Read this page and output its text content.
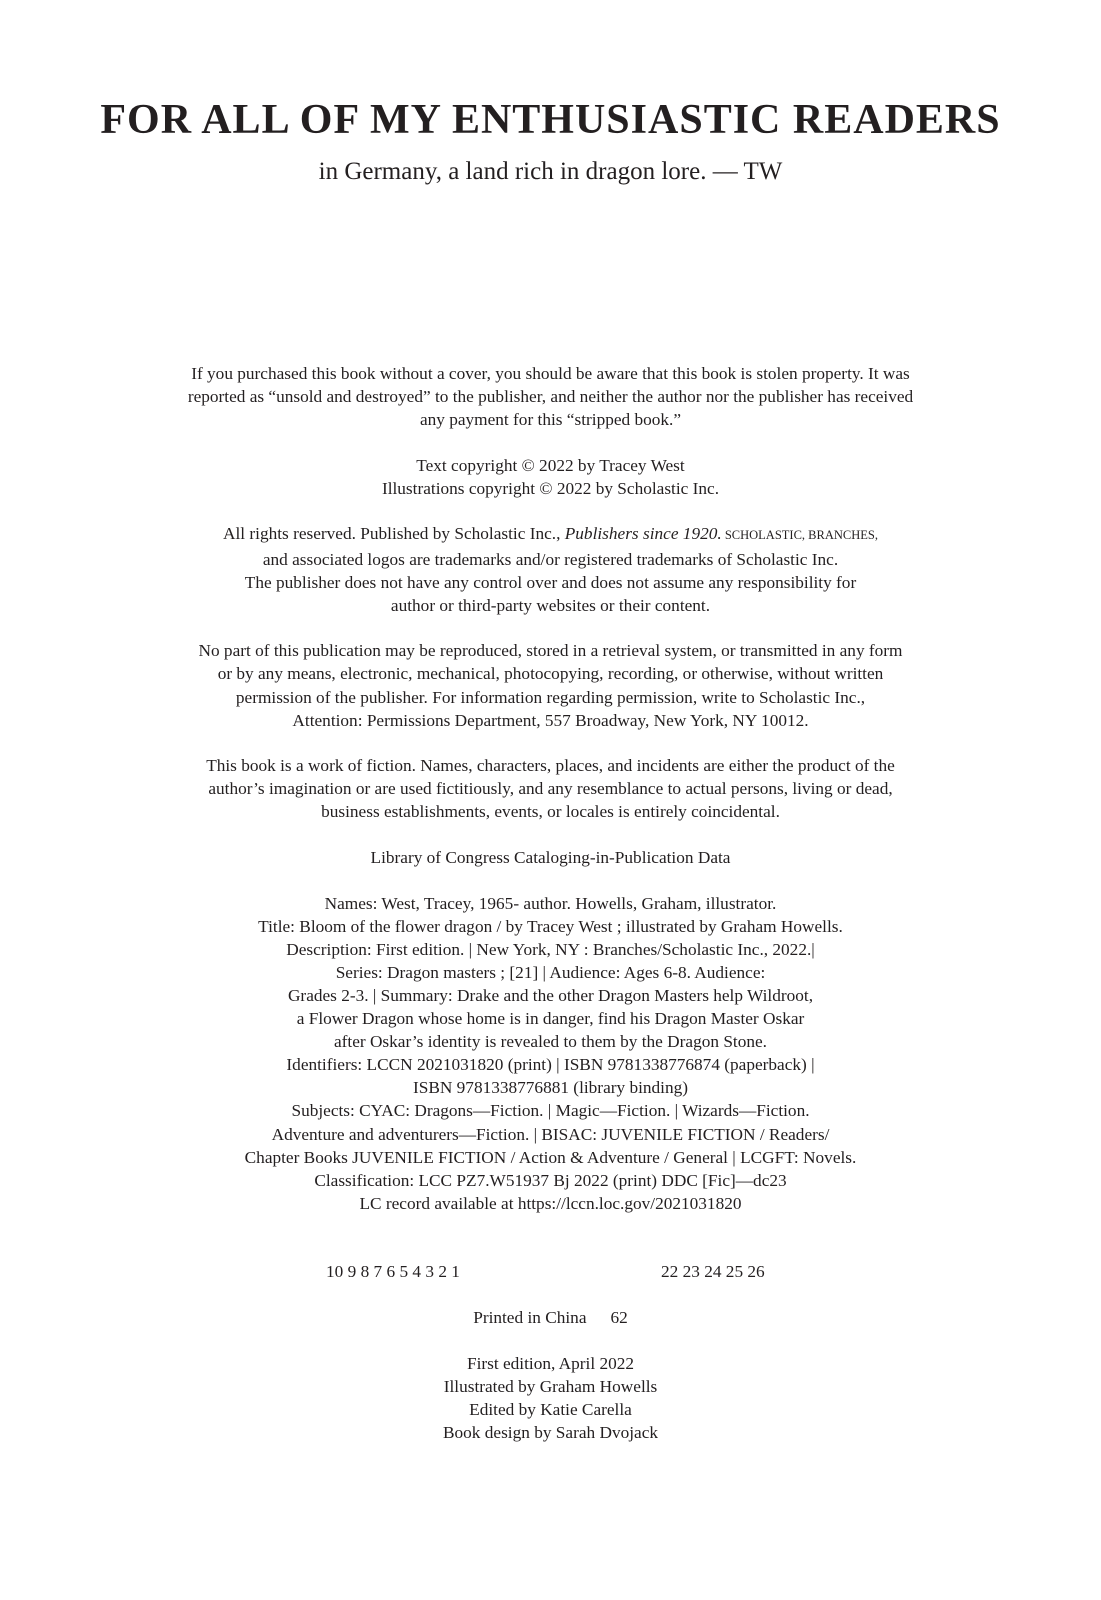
FOR ALL OF MY ENTHUSIASTIC READERS

in Germany, a land rich in dragon lore. — TW

If you purchased this book without a cover, you should be aware that this book is stolen property. It was
reported as “unsold and destroyed” to the publisher, and neither the author nor the publisher has received
any payment for this “stripped book.”

Text copyright © 2022 by Tracey West
Illustrations copyright © 2022 by Scholastic Inc.

All rights reserved. Published by Scholastic Inc., Publishers since 1920. SCHOLASTIC, BRANCHES,
and associated logos are trademarks and/or registered trademarks of Scholastic Inc.
The publisher does not have any control over and does not assume any responsibility for
author or third-party websites or their content.

No part of this publication may be reproduced, stored in a retrieval system, or transmitted in any form
or by any means, electronic, mechanical, photocopying, recording, or otherwise, without written
permission of the publisher. For information regarding permission, write to Scholastic Inc.,
Attention: Permissions Department, 557 Broadway, New York, NY 10012.

This book is a work of fiction. Names, characters, places, and incidents are either the product of the
author’s imagination or are used fictitiously, and any resemblance to actual persons, living or dead,
business establishments, events, or locales is entirely coincidental.

Library of Congress Cataloging-in-Publication Data

Names: West, Tracey, 1965- author. Howells, Graham, illustrator.
Title: Bloom of the flower dragon / by Tracey West ; illustrated by Graham Howells.
Description: First edition. | New York, NY : Branches/Scholastic Inc., 2022.|
Series: Dragon masters ; [21] | Audience: Ages 6-8. Audience:
Grades 2-3. | Summary: Drake and the other Dragon Masters help Wildroot,
a Flower Dragon whose home is in danger, find his Dragon Master Oskar
after Oskar’s identity is revealed to them by the Dragon Stone.
Identifiers: LCCN 2021031820 (print) | ISBN 9781338776874 (paperback) |
ISBN 9781338776881 (library binding)
Subjects: CYAC: Dragons—Fiction. | Magic—Fiction. | Wizards—Fiction.
Adventure and adventurers—Fiction. | BISAC: JUVENILE FICTION / Readers/
Chapter Books JUVENILE FICTION / Action & Adventure / General | LCGFT: Novels.
Classification: LCC PZ7.W51937 Bj 2022 (print) DDC [Fic]—dc23
LC record available at https://lccn.loc.gov/2021031820

10 9 8 7 6 5 4 3 2 1	22 23 24 25 26
Printed in China 62
First edition, April 2022
Illustrated by Graham Howells
Edited by Katie Carella
Book design by Sarah Dvojack
